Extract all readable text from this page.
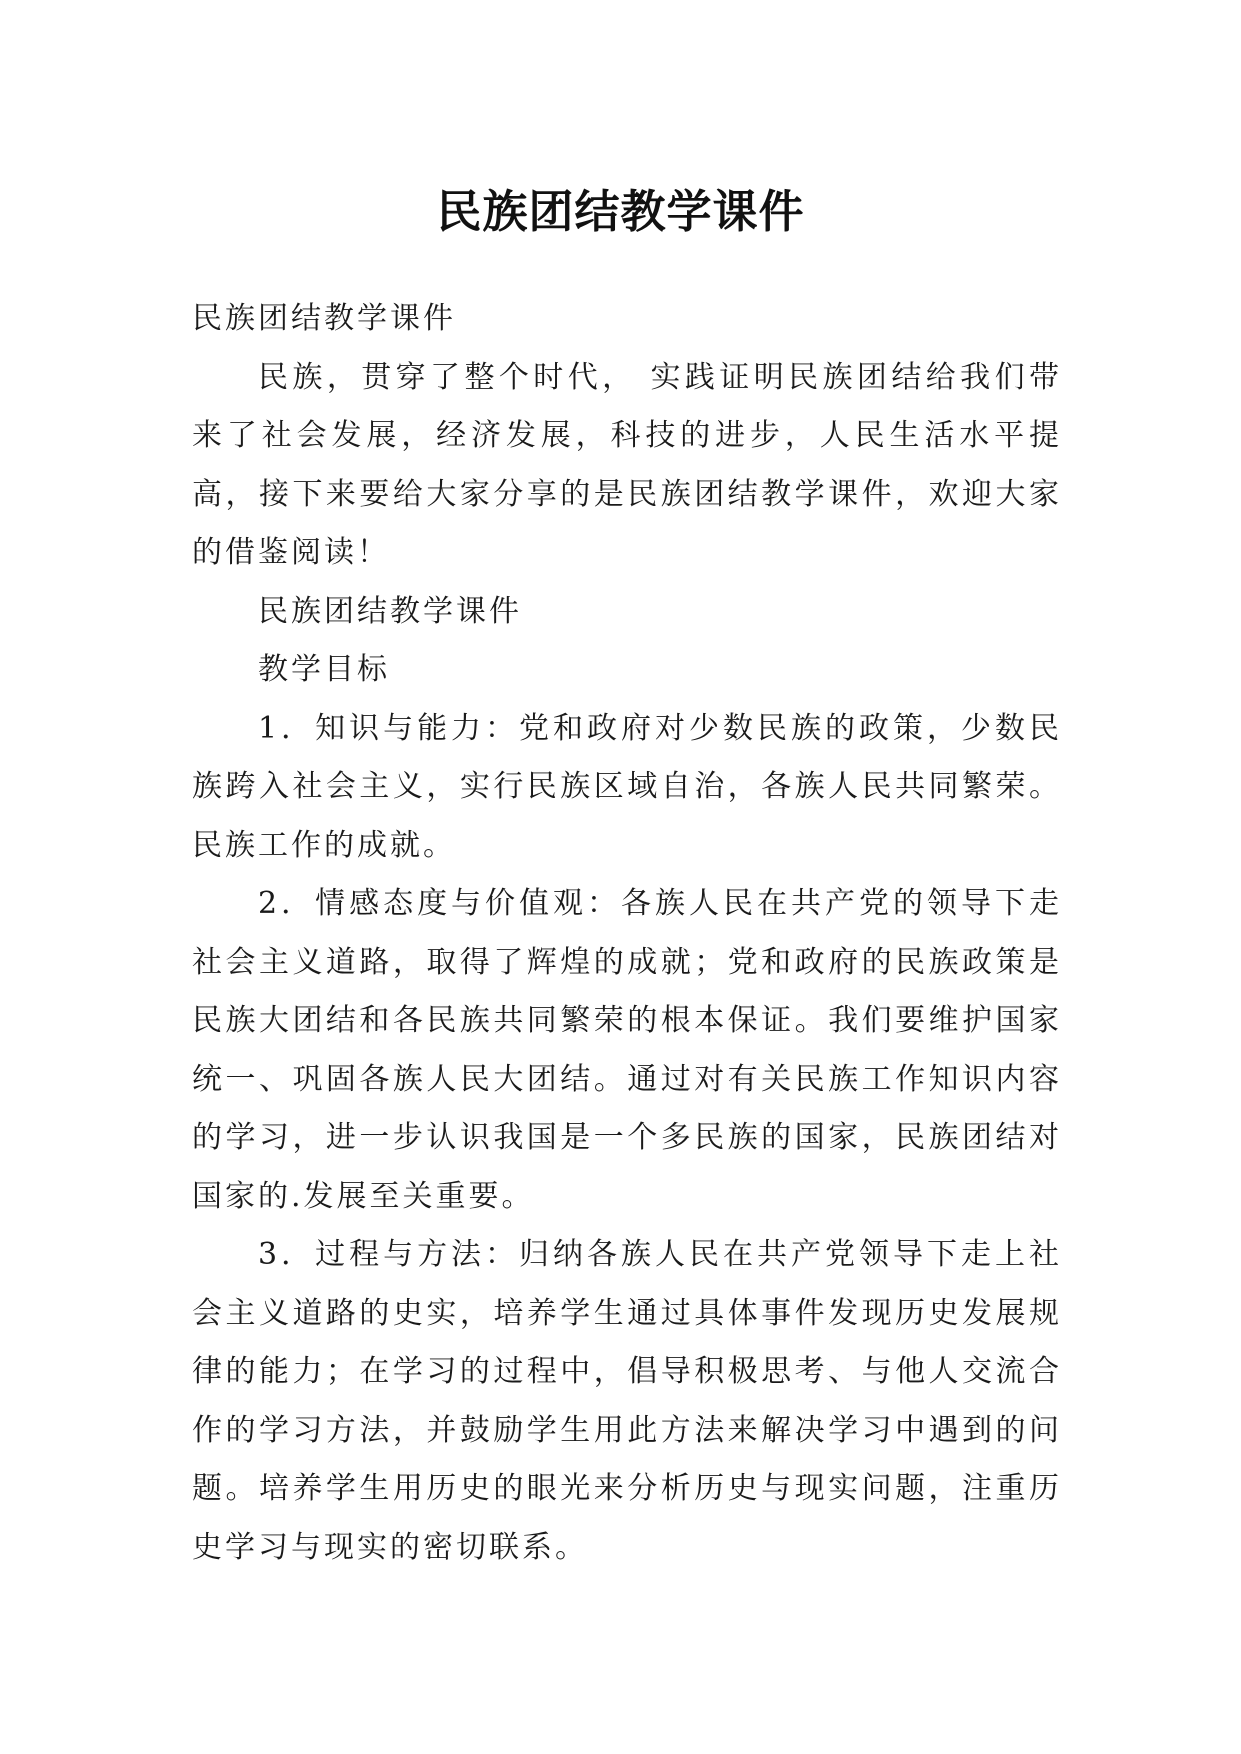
民族团结教学课件

民族团结教学课件

民族，贯穿了整个时代， 实践证明民族团结给我们带来了社会发展，经济发展，科技的进步，人民生活水平提高，接下来要给大家分享的是民族团结教学课件，欢迎大家的借鉴阅读！

民族团结教学课件

教学目标

1．知识与能力：党和政府对少数民族的政策，少数民族跨入社会主义，实行民族区域自治，各族人民共同繁荣。民族工作的成就。

2．情感态度与价值观：各族人民在共产党的领导下走社会主义道路，取得了辉煌的成就；党和政府的民族政策是民族大团结和各民族共同繁荣的根本保证。我们要维护国家统一、巩固各族人民大团结。通过对有关民族工作知识内容的学习，进一步认识我国是一个多民族的国家，民族团结对国家的.发展至关重要。

3．过程与方法：归纳各族人民在共产党领导下走上社会主义道路的史实，培养学生通过具体事件发现历史发展规律的能力；在学习的过程中，倡导积极思考、与他人交流合作的学习方法，并鼓励学生用此方法来解决学习中遇到的问题。培养学生用历史的眼光来分析历史与现实问题，注重历史学习与现实的密切联系。
